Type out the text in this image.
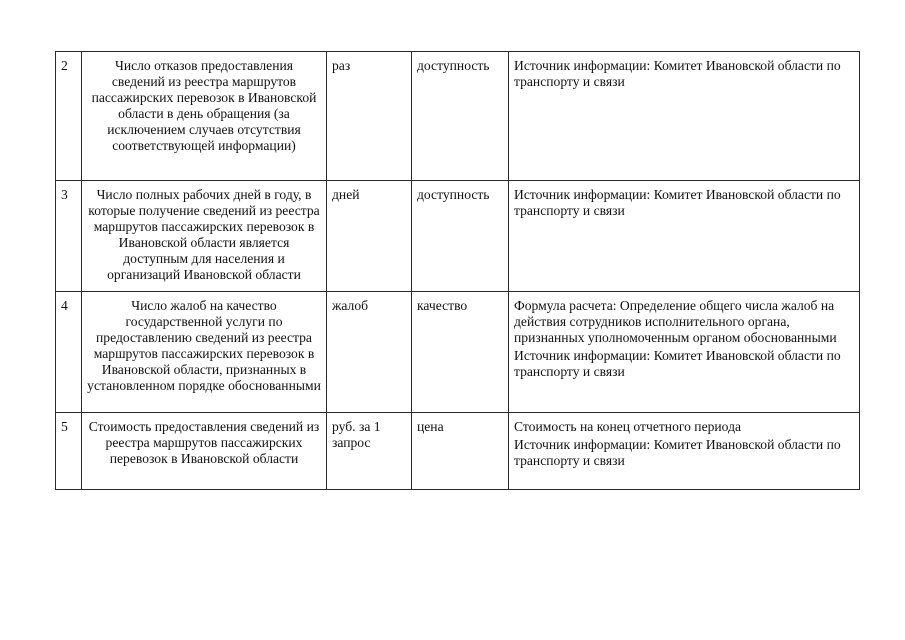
2	Число отказов предоставления сведений из реестра маршрутов пассажирских перевозок в Ивановской области в день обращения (за исключением случаев отсутствия соответствующей информации)	раз	доступность	Источник информации: Комитет Ивановской области по транспорту и связи

3	Число полных рабочих дней в году, в которые получение сведений из реестра маршрутов пассажирских перевозок в Ивановской области является доступным для населения и организаций Ивановской области	дней	доступность	Источник информации: Комитет Ивановской области по транспорту и связи

4	Число жалоб на качество государственной услуги по предоставлению сведений из реестра маршрутов пассажирских перевозок в Ивановской области, признанных в установленном порядке обоснованными	жалоб	качество	Формула расчета: Определение общего числа жалоб на действия сотрудников исполнительного органа, признанных уполномоченным органом обоснованными

Источник информации: Комитет Ивановской области по транспорту и связи

5	Стоимость предоставления сведений из реестра маршрутов пассажирских перевозок в Ивановской области	руб. за 1 запрос	цена	Стоимость на конец отчетного периода

Источник информации: Комитет Ивановской области по транспорту и связи
